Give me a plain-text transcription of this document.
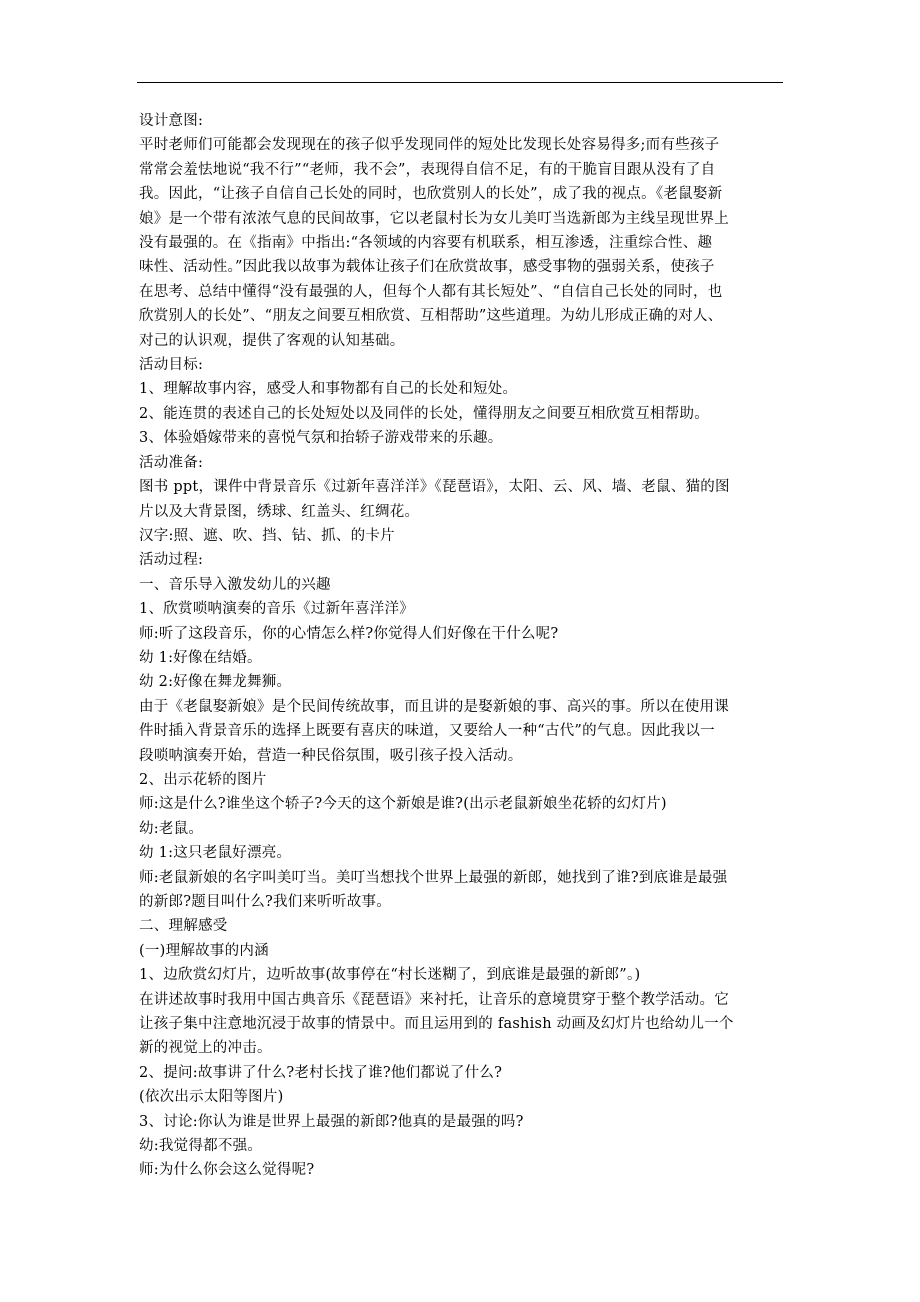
设计意图:

平时老师们可能都会发现现在的孩子似乎发现同伴的短处比发现长处容易得多;而有些孩子

常常会羞怯地说“我不行”“老师，我不会”，表现得自信不足，有的干脆盲目跟从没有了自

我。因此，“让孩子自信自己长处的同时，也欣赏别人的长处”，成了我的视点。《老鼠娶新

娘》是一个带有浓浓气息的民间故事，它以老鼠村长为女儿美叮当选新郎为主线呈现世界上

没有最强的。在《指南》中指出:“各领域的内容要有机联系，相互渗透，注重综合性、趣

味性、活动性。”因此我以故事为载体让孩子们在欣赏故事，感受事物的强弱关系，使孩子

在思考、总结中懂得“没有最强的人，但每个人都有其长短处”、“自信自己长处的同时，也

欣赏别人的长处”、“朋友之间要互相欣赏、互相帮助”这些道理。为幼儿形成正确的对人、

对己的认识观，提供了客观的认知基础。

活动目标:

1、理解故事内容，感受人和事物都有自己的长处和短处。

2、能连贯的表述自己的长处短处以及同伴的长处，懂得朋友之间要互相欣赏互相帮助。

3、体验婚嫁带来的喜悦气氛和抬轿子游戏带来的乐趣。

活动准备:

图书 ppt，课件中背景音乐《过新年喜洋洋》《琵琶语》，太阳、云、风、墙、老鼠、猫的图

片以及大背景图，绣球、红盖头、红绸花。

汉字:照、遮、吹、挡、钻、抓、的卡片

活动过程:

一、音乐导入激发幼儿的兴趣

1、欣赏唢呐演奏的音乐《过新年喜洋洋》

师:听了这段音乐，你的心情怎么样?你觉得人们好像在干什么呢?

幼 1:好像在结婚。

幼 2:好像在舞龙舞狮。

由于《老鼠娶新娘》是个民间传统故事，而且讲的是娶新娘的事、高兴的事。所以在使用课

件时插入背景音乐的选择上既要有喜庆的味道，又要给人一种“古代”的气息。因此我以一

段唢呐演奏开始，营造一种民俗氛围，吸引孩子投入活动。

2、出示花轿的图片

师:这是什么?谁坐这个轿子?今天的这个新娘是谁?(出示老鼠新娘坐花轿的幻灯片)

幼:老鼠。

幼 1:这只老鼠好漂亮。

师:老鼠新娘的名字叫美叮当。美叮当想找个世界上最强的新郎，她找到了谁?到底谁是最强

的新郎?题目叫什么?我们来听听故事。

二、理解感受

(一)理解故事的内涵

1、边欣赏幻灯片，边听故事(故事停在“村长迷糊了，到底谁是最强的新郎”。)

在讲述故事时我用中国古典音乐《琵琶语》来衬托，让音乐的意境贯穿于整个教学活动。它

让孩子集中注意地沉浸于故事的情景中。而且运用到的 fashish 动画及幻灯片也给幼儿一个

新的视觉上的冲击。

2、提问:故事讲了什么?老村长找了谁?他们都说了什么?

(依次出示太阳等图片)

3、讨论:你认为谁是世界上最强的新郎?他真的是最强的吗?

幼:我觉得都不强。

师:为什么你会这么觉得呢?
